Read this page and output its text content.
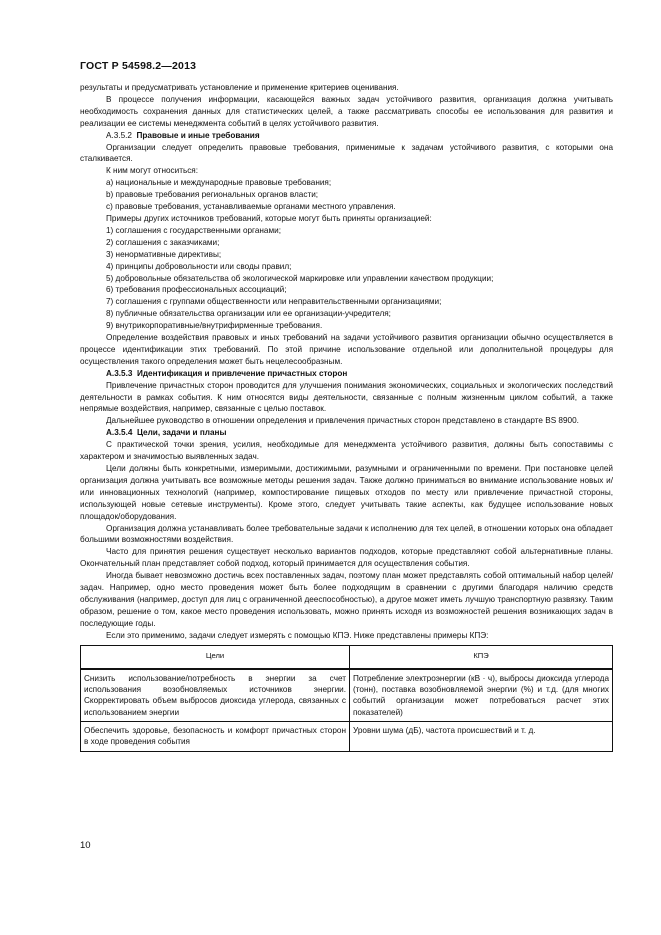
ГОСТ Р 54598.2—2013

результаты и предусматривать установление и применение критериев оценивания.

В процессе получения информации, касающейся важных задач устойчивого развития, организация должна учитывать необходимость сохранения данных для статистических целей, а также рассматривать способы ее использования для развития и реализации ее системы менеджмента событий в целях устойчивого развития.

А.3.5.2 Правовые и иные требования

Организации следует определить правовые требования, применимые к задачам устойчивого развития, с которыми она сталкивается.

К ним могут относиться:

a) национальные и международные правовые требования;

b) правовые требования региональных органов власти;

c) правовые требования, устанавливаемые органами местного управления.

Примеры других источников требований, которые могут быть приняты организацией:

1) соглашения с государственными органами;

2) соглашения с заказчиками;

3) ненормативные директивы;

4) принципы добровольности или своды правил;

5) добровольные обязательства об экологической маркировке или управлении качеством продукции;

6) требования профессиональных ассоциаций;

7) соглашения с группами общественности или неправительственными организациями;

8) публичные обязательства организации или ее организации-учредителя;

9) внутрикорпоративные/внутрифирменные требования.

Определение воздействия правовых и иных требований на задачи устойчивого развития организации обычно осуществляется в процессе идентификации этих требований. По этой причине использование отдельной или дополнительной процедуры для осуществления такого определения может быть нецелесообразным.

А.3.5.3 Идентификация и привлечение причастных сторон

Привлечение причастных сторон проводится для улучшения понимания экономических, социальных и экологических последствий деятельности в рамках события. К ним относятся виды деятельности, связанные с полным жизненным циклом событий, а также непрямые воздействия, например, связанные с целью поставок.

Дальнейшее руководство в отношении определения и привлечения причастных сторон представлено в стандарте BS 8900.

А.3.5.4 Цели, задачи и планы

С практической точки зрения, усилия, необходимые для менеджмента устойчивого развития, должны быть сопоставимы с характером и значимостью выявленных задач.

Цели должны быть конкретными, измеримыми, достижимыми, разумными и ограниченными по времени. При постановке целей организация должна учитывать все возможные методы решения задач. Также должно приниматься во внимание использование новых и/или инновационных технологий (например, компостирование пищевых отходов по месту или привлечение причастной стороны, использующей новые сетевые инструменты). Кроме этого, следует учитывать такие аспекты, как будущее использование новых площадок/оборудования.

Организация должна устанавливать более требовательные задачи к исполнению для тех целей, в отношении которых она обладает большими возможностями воздействия.

Часто для принятия решения существует несколько вариантов подходов, которые представляют собой альтернативные планы. Окончательный план представляет собой подход, который принимается для осуществления события.

Иногда бывает невозможно достичь всех поставленных задач, поэтому план может представлять собой оптимальный набор целей/задач. Например, одно место проведения может быть более подходящим в сравнении с другими благодаря наличию средств обслуживания (например, доступ для лиц с ограниченной дееспособностью), а другое может иметь лучшую транспортную развязку. Таким образом, решение о том, какое место проведения использовать, можно принять исходя из возможностей решения возникающих задач в последующие годы.

Если это применимо, задачи следует измерять с помощью КПЭ. Ниже представлены примеры КПЭ:

Цели	КПЭ
Снизить использование/потребность в энергии за счет использования возобновляемых источников энергии. Скорректировать объем выбросов диоксида углерода, связанных с использованием энергии	Потребление электроэнергии (кВ · ч), выбросы диоксида углерода (тонн), поставка возобновляемой энергии (%) и т.д. (для многих событий организации может потребоваться расчет этих показателей)
Обеспечить здоровье, безопасность и комфорт причастных сторон в ходе проведения события	Уровни шума (дБ), частота происшествий и т. д.
10
